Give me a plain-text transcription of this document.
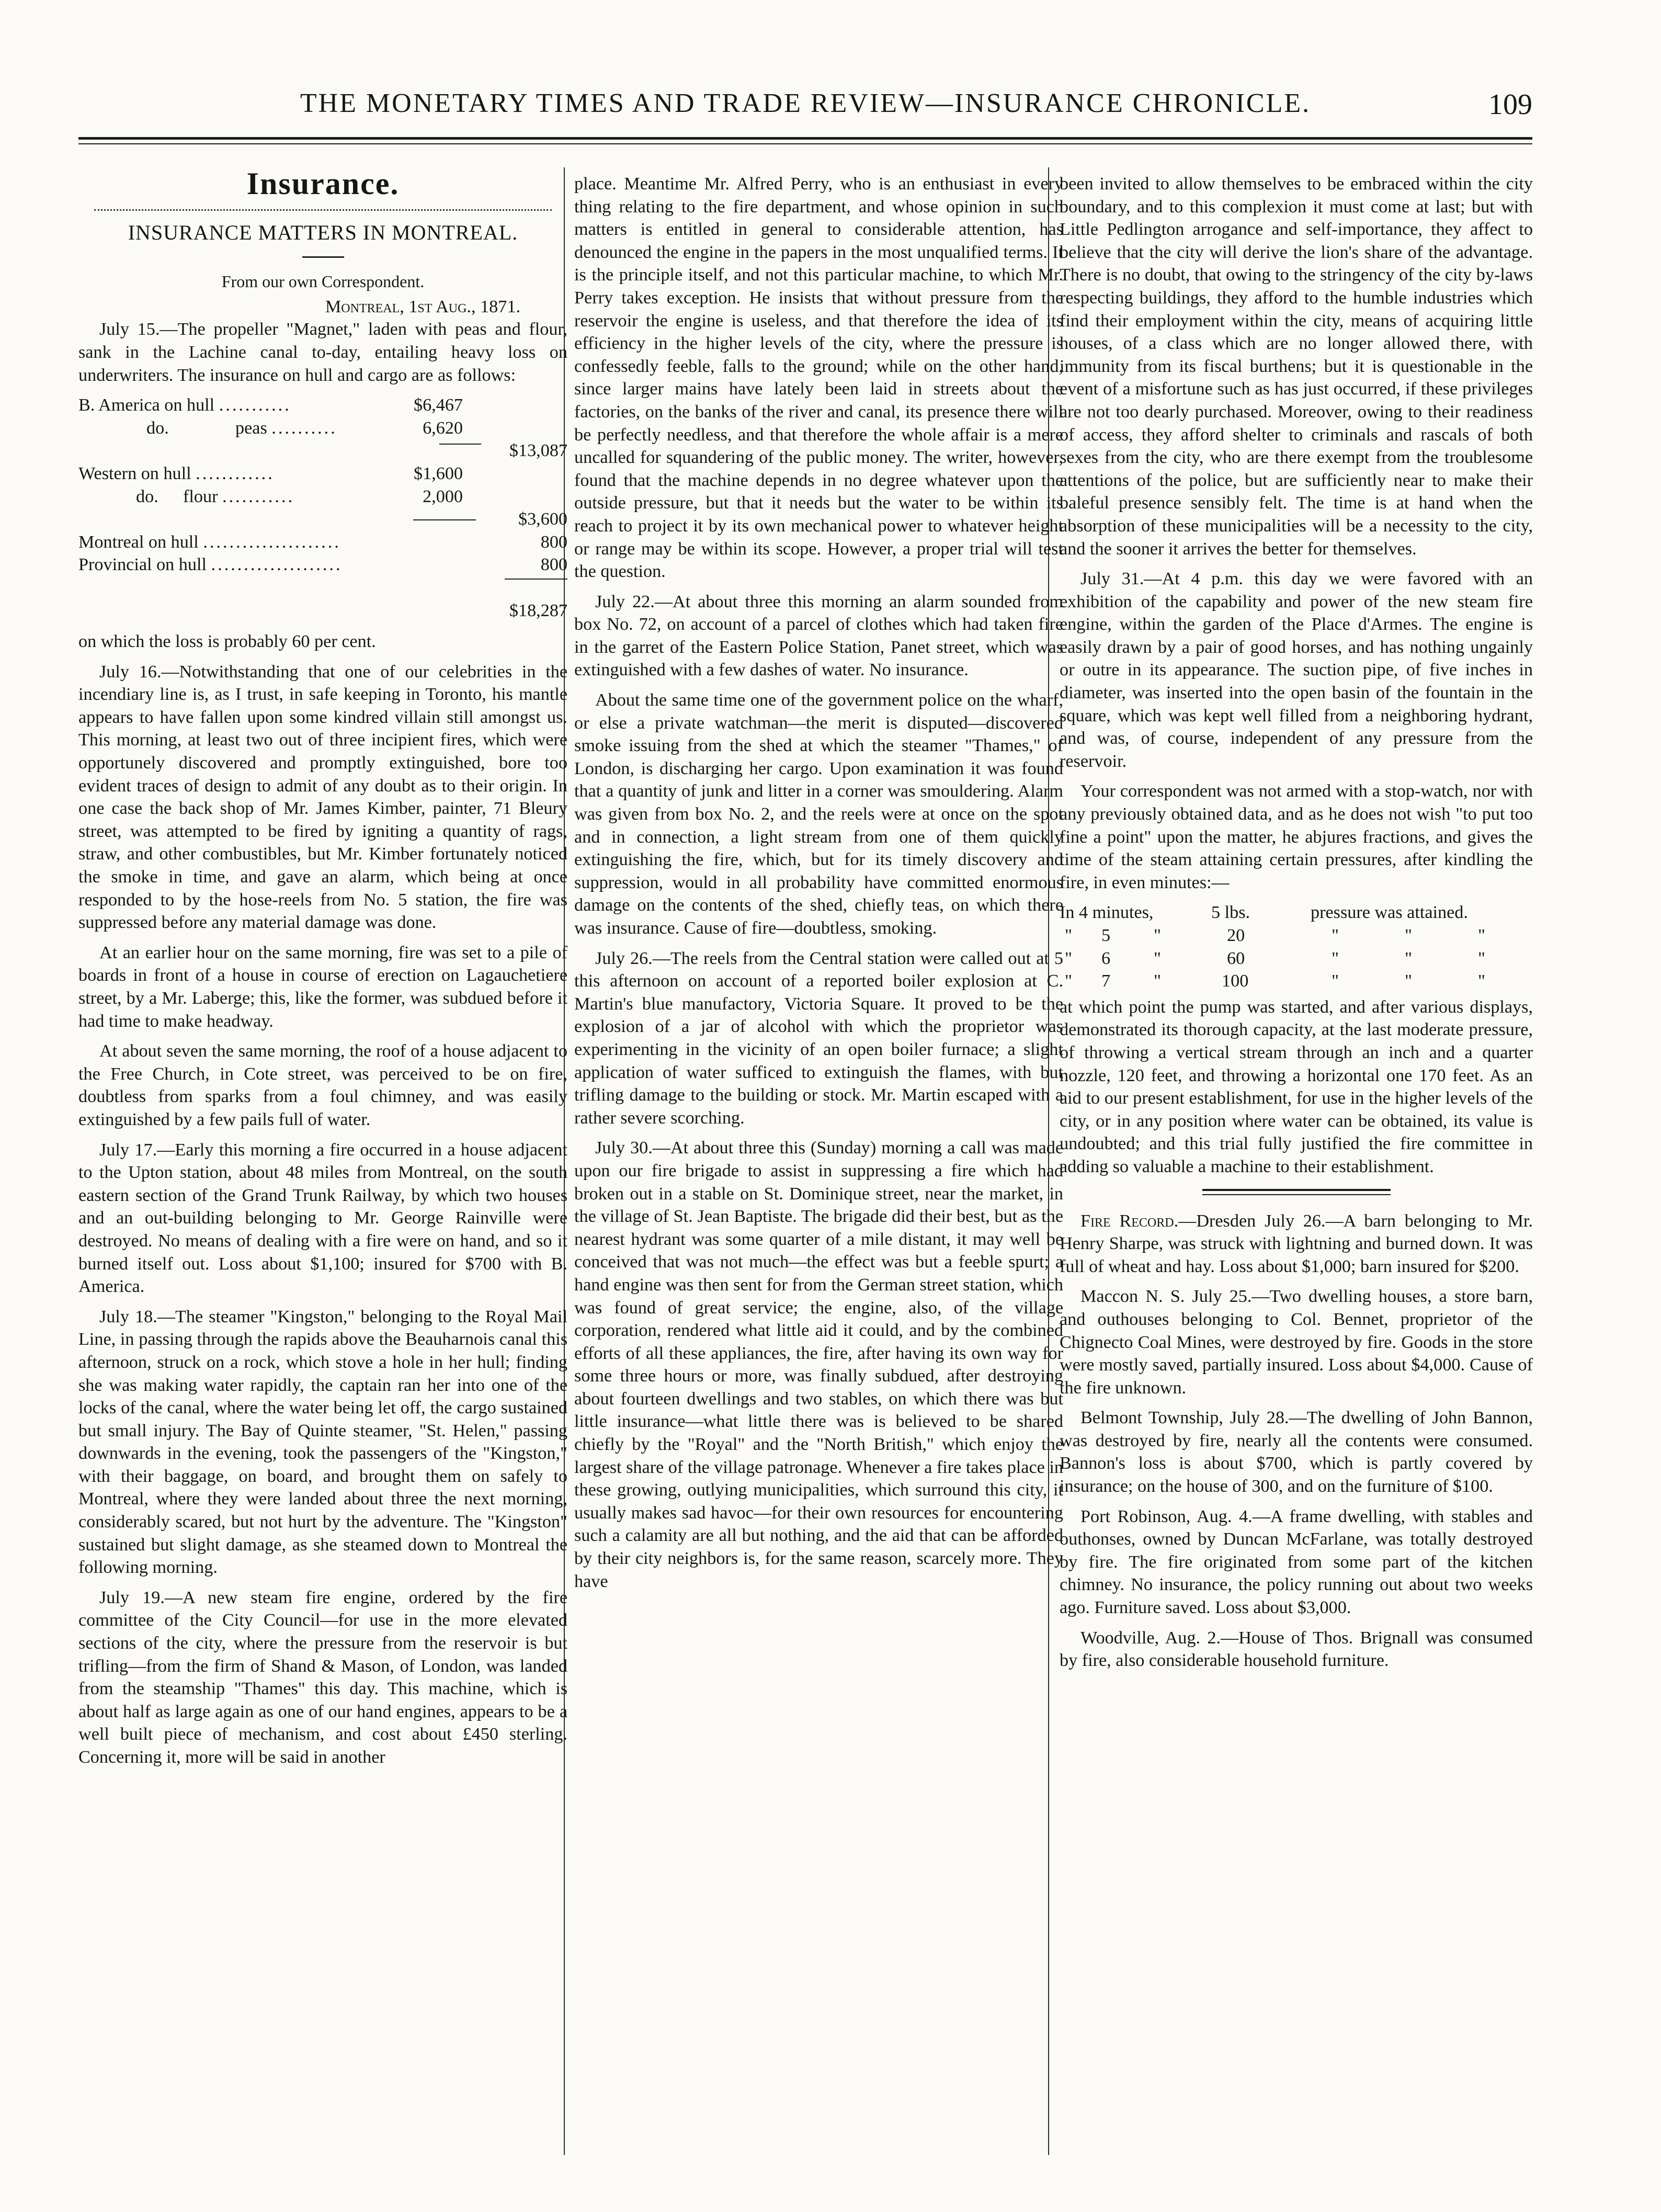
THE MONETARY TIMES AND TRADE REVIEW—INSURANCE CHRONICLE.	109
Insurance.
INSURANCE MATTERS IN MONTREAL.
From our own Correspondent.
Montreal, 1st Aug., 1871.

July 15.—The propeller "Magnet," laden with peas and flour, sank in the Lachine canal to-day, entailing heavy loss on underwriters. The insurance on hull and cargo are as follows:

B. America on hull ...........	$6,467
do.	peas ..........	6,620
$13,087
Western on hull ............	$1,600
do. flour ...........	2,000
$3,600
Montreal on hull .....................	800
Provincial on hull ....................	800
$18,287

on which the loss is probably 60 per cent.

July 16.—Notwithstanding that one of our celebrities in the incendiary line is, as I trust, in safe keeping in Toronto, his mantle appears to have fallen upon some kindred villain still amongst us. This morning, at least two out of three incipient fires, which were opportunely discovered and promptly extinguished, bore too evident traces of design to admit of any doubt as to their origin. In one case the back shop of Mr. James Kimber, painter, 71 Bleury street, was attempted to be fired by igniting a quantity of rags, straw, and other combustibles, but Mr. Kimber fortunately noticed the smoke in time, and gave an alarm, which being at once responded to by the hose-reels from No. 5 station, the fire was suppressed before any material damage was done.

At an earlier hour on the same morning, fire was set to a pile of boards in front of a house in course of erection on Lagauchetiere street, by a Mr. Laberge; this, like the former, was subdued before it had time to make headway.

At about seven the same morning, the roof of a house adjacent to the Free Church, in Cote street, was perceived to be on fire, doubtless from sparks from a foul chimney, and was easily extinguished by a few pails full of water.

July 17.—Early this morning a fire occurred in a house adjacent to the Upton station, about 48 miles from Montreal, on the south eastern section of the Grand Trunk Railway, by which two houses and an out-building belonging to Mr. George Rainville were destroyed. No means of dealing with a fire were on hand, and so it burned itself out. Loss about $1,100; insured for $700 with B. America.

July 18.—The steamer "Kingston," belonging to the Royal Mail Line, in passing through the rapids above the Beauharnois canal this afternoon, struck on a rock, which stove a hole in her hull; finding she was making water rapidly, the captain ran her into one of the locks of the canal, where the water being let off, the cargo sustained but small injury. The Bay of Quinte steamer, "St. Helen," passing downwards in the evening, took the passengers of the "Kingston," with their baggage, on board, and brought them on safely to Montreal, where they were landed about three the next morning, considerably scared, but not hurt by the adventure. The "Kingston" sustained but slight damage, as she steamed down to Montreal the following morning.

July 19.—A new steam fire engine, ordered by the fire committee of the City Council—for use in the more elevated sections of the city, where the pressure from the reservoir is but trifling—from the firm of Shand & Mason, of London, was landed from the steamship "Thames" this day. This machine, which is about half as large again as one of our hand engines, appears to be a well built piece of mechanism, and cost about £450 sterling. Concerning it, more will be said in another

place. Meantime Mr. Alfred Perry, who is an enthusiast in every thing relating to the fire department, and whose opinion in such matters is entitled in general to considerable attention, has denounced the engine in the papers in the most unqualified terms. It is the principle itself, and not this particular machine, to which Mr. Perry takes exception. He insists that without pressure from the reservoir the engine is useless, and that therefore the idea of its efficiency in the higher levels of the city, where the pressure is confessedly feeble, falls to the ground; while on the other hand, since larger mains have lately been laid in streets about the factories, on the banks of the river and canal, its presence there will be perfectly needless, and that therefore the whole affair is a mere uncalled for squandering of the public money. The writer, however, found that the machine depends in no degree whatever upon the outside pressure, but that it needs but the water to be within its reach to project it by its own mechanical power to whatever height or range may be within its scope. However, a proper trial will test the question.

July 22.—At about three this morning an alarm sounded from box No. 72, on account of a parcel of clothes which had taken fire in the garret of the Eastern Police Station, Panet street, which was extinguished with a few dashes of water. No insurance.

About the same time one of the government police on the wharf, or else a private watchman—the merit is disputed—discovered smoke issuing from the shed at which the steamer "Thames," of London, is discharging her cargo. Upon examination it was found that a quantity of junk and litter in a corner was smouldering. Alarm was given from box No. 2, and the reels were at once on the spot and in connection, a light stream from one of them quickly extinguishing the fire, which, but for its timely discovery and suppression, would in all probability have committed enormous damage on the contents of the shed, chiefly teas, on which there was insurance. Cause of fire—doubtless, smoking.

July 26.—The reels from the Central station were called out at 5 this afternoon on account of a reported boiler explosion at C. Martin's blue manufactory, Victoria Square. It proved to be the explosion of a jar of alcohol with which the proprietor was experimenting in the vicinity of an open boiler furnace; a slight application of water sufficed to extinguish the flames, with but trifling damage to the building or stock. Mr. Martin escaped with a rather severe scorching.

July 30.—At about three this (Sunday) morning a call was made upon our fire brigade to assist in suppressing a fire which had broken out in a stable on St. Dominique street, near the market, in the village of St. Jean Baptiste. The brigade did their best, but as the nearest hydrant was some quarter of a mile distant, it may well be conceived that was not much—the effect was but a feeble spurt; a hand engine was then sent for from the German street station, which was found of great service; the engine, also, of the village corporation, rendered what little aid it could, and by the combined efforts of all these appliances, the fire, after having its own way for some three hours or more, was finally subdued, after destroying about fourteen dwellings and two stables, on which there was but little insurance—what little there was is believed to be shared chiefly by the "Royal" and the "North British," which enjoy the largest share of the village patronage. Whenever a fire takes place in these growing, outlying municipalities, which surround this city, it usually makes sad havoc—for their own resources for encountering such a calamity are all but nothing, and the aid that can be afforded by their city neighbors is, for the same reason, scarcely more. They have

been invited to allow themselves to be embraced within the city boundary, and to this complexion it must come at last; but with Little Pedlington arrogance and self-importance, they affect to believe that the city will derive the lion's share of the advantage. There is no doubt, that owing to the stringency of the city by-laws respecting buildings, they afford to the humble industries which find their employment within the city, means of acquiring little houses, of a class which are no longer allowed there, with immunity from its fiscal burthens; but it is questionable in the event of a misfortune such as has just occurred, if these privileges are not too dearly purchased. Moreover, owing to their readiness of access, they afford shelter to criminals and rascals of both sexes from the city, who are there exempt from the troublesome attentions of the police, but are sufficiently near to make their baleful presence sensibly felt. The time is at hand when the absorption of these municipalities will be a necessity to the city, and the sooner it arrives the better for themselves.

July 31.—At 4 p.m. this day we were favored with an exhibition of the capability and power of the new steam fire engine, within the garden of the Place d'Armes. The engine is easily drawn by a pair of good horses, and has nothing ungainly or outre in its appearance. The suction pipe, of five inches in diameter, was inserted into the open basin of the fountain in the square, which was kept well filled from a neighboring hydrant, and was, of course, independent of any pressure from the reservoir.

Your correspondent was not armed with a stop-watch, nor with any previously obtained data, and as he does not wish "to put too fine a point" upon the matter, he abjures fractions, and gives the time of the steam attaining certain pressures, after kindling the fire, in even minutes:—

In 4 minutes,	5 lbs.	pressure was attained.
" 5 "	20	"	"	"
" 6 "	60	"	"	"
" 7 "	100	"	"	"

at which point the pump was started, and after various displays, demonstrated its thorough capacity, at the last moderate pressure, of throwing a vertical stream through an inch and a quarter nozzle, 120 feet, and throwing a horizontal one 170 feet. As an aid to our present establishment, for use in the higher levels of the city, or in any position where water can be obtained, its value is undoubted; and this trial fully justified the fire committee in adding so valuable a machine to their establishment.

Fire Record.—Dresden July 26.—A barn belonging to Mr. Henry Sharpe, was struck with lightning and burned down. It was full of wheat and hay. Loss about $1,000; barn insured for $200.

Maccon N. S. July 25.—Two dwelling houses, a store barn, and outhouses belonging to Col. Bennet, proprietor of the Chignecto Coal Mines, were destroyed by fire. Goods in the store were mostly saved, partially insured. Loss about $4,000. Cause of the fire unknown.

Belmont Township, July 28.—The dwelling of John Bannon, was destroyed by fire, nearly all the contents were consumed. Bannon's loss is about $700, which is partly covered by insurance; on the house of 300, and on the furniture of $100.

Port Robinson, Aug. 4.—A frame dwelling, with stables and outhonses, owned by Duncan McFarlane, was totally destroyed by fire. The fire originated from some part of the kitchen chimney. No insurance, the policy running out about two weeks ago. Furniture saved. Loss about $3,000.

Woodville, Aug. 2.—House of Thos. Brignall was consumed by fire, also considerable household furniture.
